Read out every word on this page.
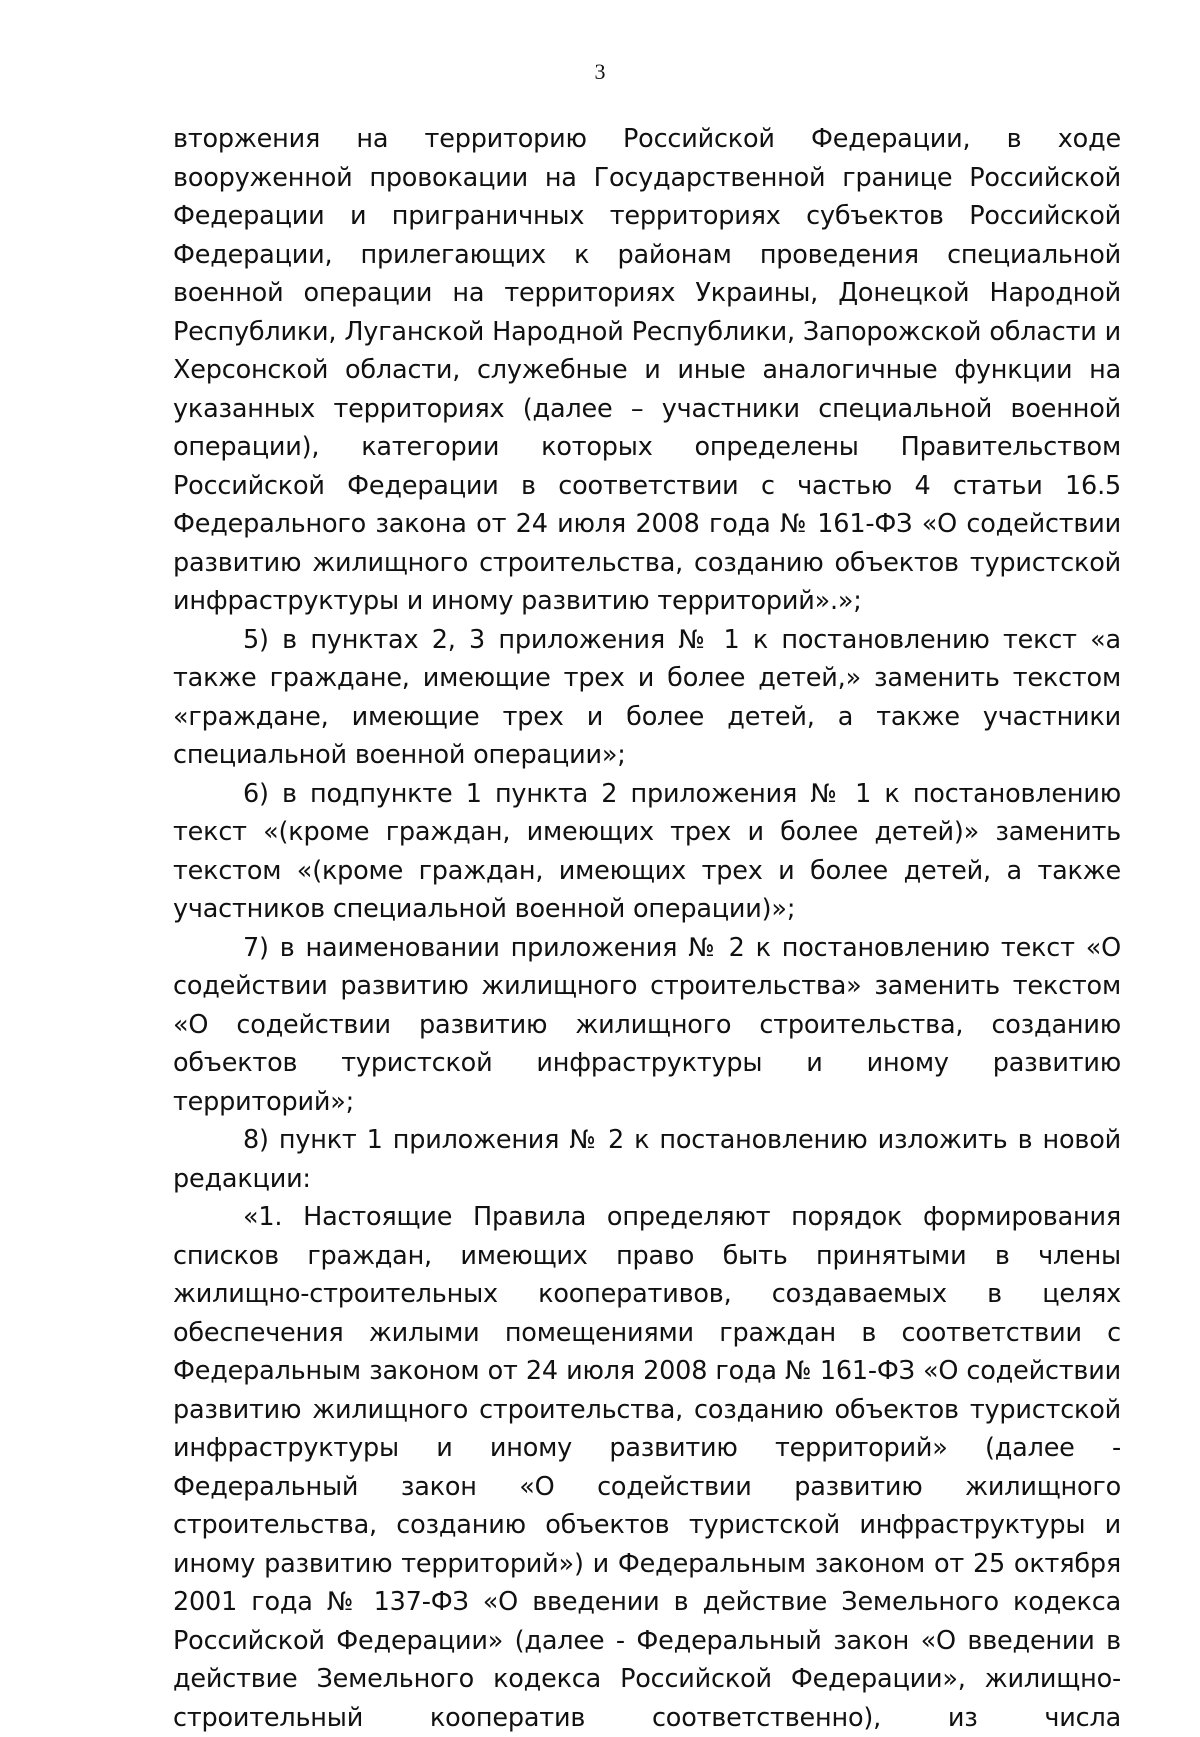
3

вторжения на территорию Российской Федерации, в ходе вооруженной провокации на Государственной границе Российской Федерации и приграничных территориях субъектов Российской Федерации, прилегающих к районам проведения специальной военной операции на территориях Украины, Донецкой Народной Республики, Луганской Народной Республики, Запорожской области и Херсонской области, служебные и иные аналогичные функции на указанных территориях (далее – участники специальной военной операции), категории которых определены Правительством Российской Федерации в соответствии с частью 4 статьи 16.5 Федерального закона от 24 июля 2008 года № 161-ФЗ «О содействии развитию жилищного строительства, созданию объектов туристской инфраструктуры и иному развитию территорий».»;

5) в пунктах 2, 3 приложения № 1 к постановлению текст «а также граждане, имеющие трех и более детей,» заменить текстом «граждане, имеющие трех и более детей, а также участники специальной военной операции»;

6) в подпункте 1 пункта 2 приложения № 1 к постановлению текст «(кроме граждан, имеющих трех и более детей)» заменить текстом «(кроме граждан, имеющих трех и более детей, а также участников специальной военной операции)»;

7) в наименовании приложения № 2 к постановлению текст «О содействии развитию жилищного строительства» заменить текстом «О содействии развитию жилищного строительства, созданию объектов туристской инфраструктуры и иному развитию территорий»;

8) пункт 1 приложения № 2 к постановлению изложить в новой редакции:

«1. Настоящие Правила определяют порядок формирования списков граждан, имеющих право быть принятыми в члены жилищно-строительных кооперативов, создаваемых в целях обеспечения жилыми помещениями граждан в соответствии с Федеральным законом от 24 июля 2008 года № 161-ФЗ «О содействии развитию жилищного строительства, созданию объектов туристской инфраструктуры и иному развитию территорий» (далее - Федеральный закон «О содействии развитию жилищного строительства, созданию объектов туристской инфраструктуры и иному развитию территорий») и Федеральным законом от 25 октября 2001 года № 137-ФЗ «О введении в действие Земельного кодекса Российской Федерации» (далее - Федеральный закон «О введении в действие Земельного кодекса Российской Федерации», жилищно-строительный кооператив соответственно), из числа
